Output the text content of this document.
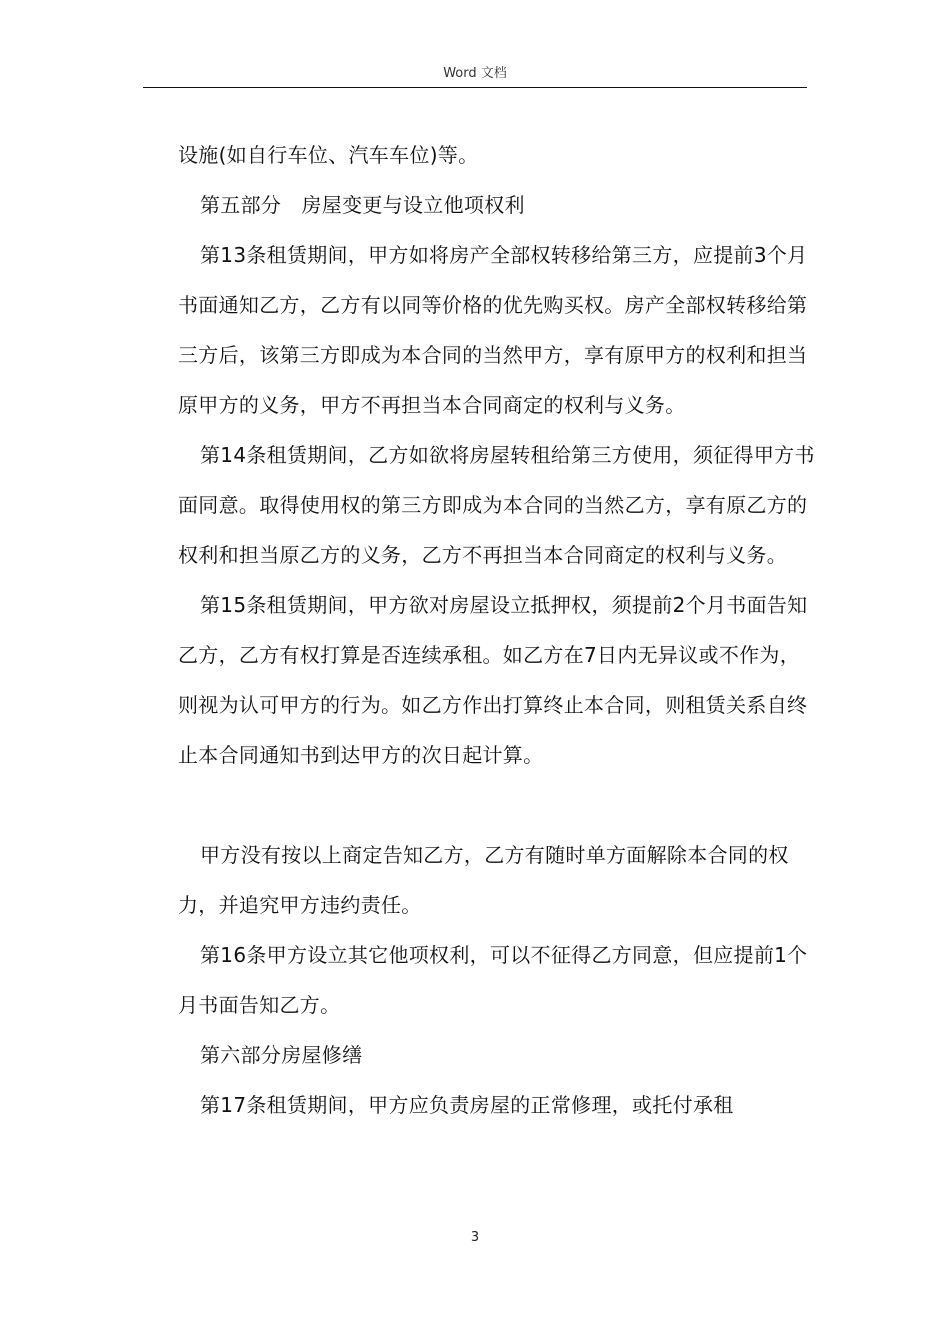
Word 文档

设施(如自行车位、汽车车位)等。

第五部分　房屋变更与设立他项权利

第13条租赁期间，甲方如将房产全部权转移给第三方，应提前3个月书面通知乙方，乙方有以同等价格的优先购买权。房产全部权转移给第三方后，该第三方即成为本合同的当然甲方，享有原甲方的权利和担当原甲方的义务，甲方不再担当本合同商定的权利与义务。

第14条租赁期间，乙方如欲将房屋转租给第三方使用，须征得甲方书面同意。取得使用权的第三方即成为本合同的当然乙方，享有原乙方的权利和担当原乙方的义务，乙方不再担当本合同商定的权利与义务。

第15条租赁期间，甲方欲对房屋设立抵押权，须提前2个月书面告知乙方，乙方有权打算是否连续承租。如乙方在7日内无异议或不作为，则视为认可甲方的行为。如乙方作出打算终止本合同，则租赁关系自终止本合同通知书到达甲方的次日起计算。

甲方没有按以上商定告知乙方，乙方有随时单方面解除本合同的权力，并追究甲方违约责任。

第16条甲方设立其它他项权利，可以不征得乙方同意，但应提前1个月书面告知乙方。

第六部分房屋修缮

第17条租赁期间，甲方应负责房屋的正常修理，或托付承租

3
